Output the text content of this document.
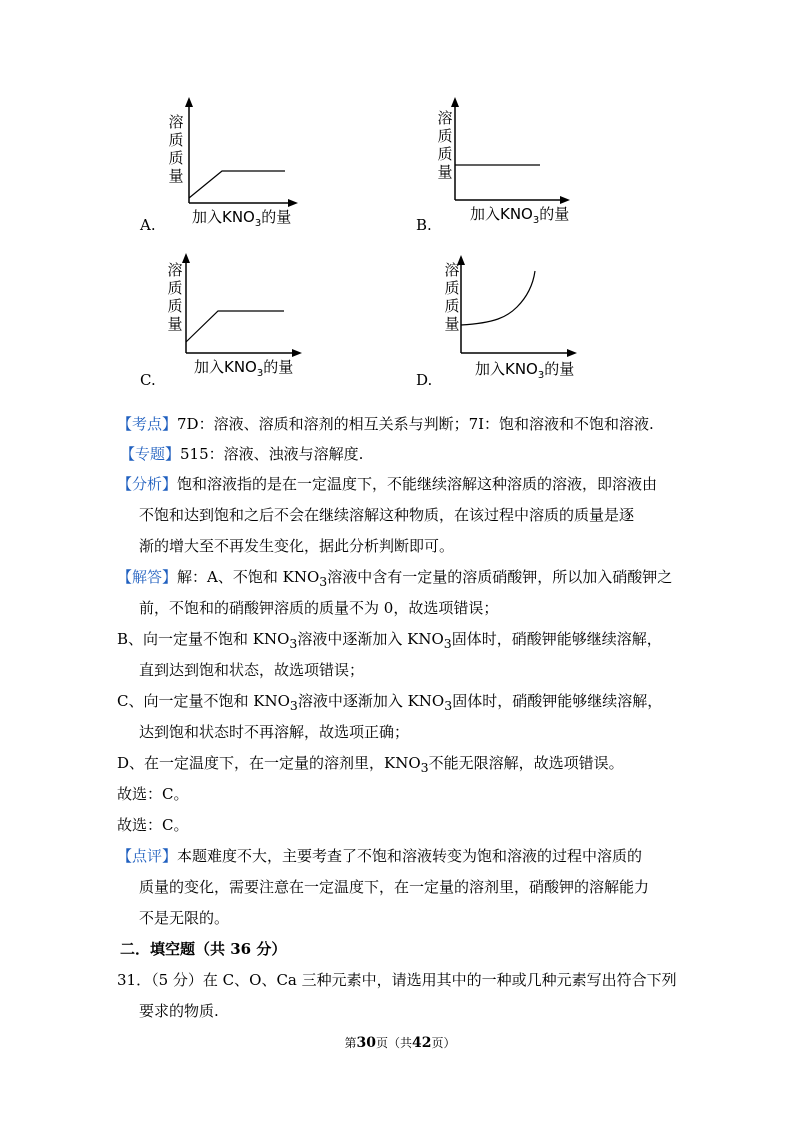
溶
质
质
量
加入$KNO_3$的量
A.
溶
质
质
量
加入$KNO_3$的量
B.
溶
质
质
量
加入$KNO_3$的量
C.
溶
质
质
量
加入$KNO_3$的量
D.
【考点】7D：溶液、溶质和溶剂的相互关系与判断；7I：饱和溶液和不饱和溶液.
【专题】515：溶液、浊液与溶解度.
【分析】饱和溶液指的是在一定温度下，不能继续溶解这种溶质的溶液，即溶液由
不饱和达到饱和之后不会在继续溶解这种物质，在该过程中溶质的质量是逐
渐的增大至不再发生变化，据此分析判断即可。
【解答】解：A、不饱和 $KNO_3$溶液中含有一定量的溶质硝酸钾，所以加入硝酸钾之
前，不饱和的硝酸钾溶质的质量不为 0，故选项错误；
B、向一定量不饱和 $KNO_3$溶液中逐渐加入 $KNO_3$固体时，硝酸钾能够继续溶解，
直到达到饱和状态，故选项错误；
C、向一定量不饱和 $KNO_3$溶液中逐渐加入 $KNO_3$固体时，硝酸钾能够继续溶解，
达到饱和状态时不再溶解，故选项正确；
D、在一定温度下，在一定量的溶剂里，$KNO_3$不能无限溶解，故选项错误。
故选：C。
故选：C。
【点评】本题难度不大，主要考查了不饱和溶液转变为饱和溶液的过程中溶质的
质量的变化，需要注意在一定温度下，在一定量的溶剂里，硝酸钾的溶解能力
不是无限的。
二．填空题（共 36 分）
31．（5 分）在 C、O、Ca 三种元素中，请选用其中的一种或几种元素写出符合下列
要求的物质.
第30页（共42页）
